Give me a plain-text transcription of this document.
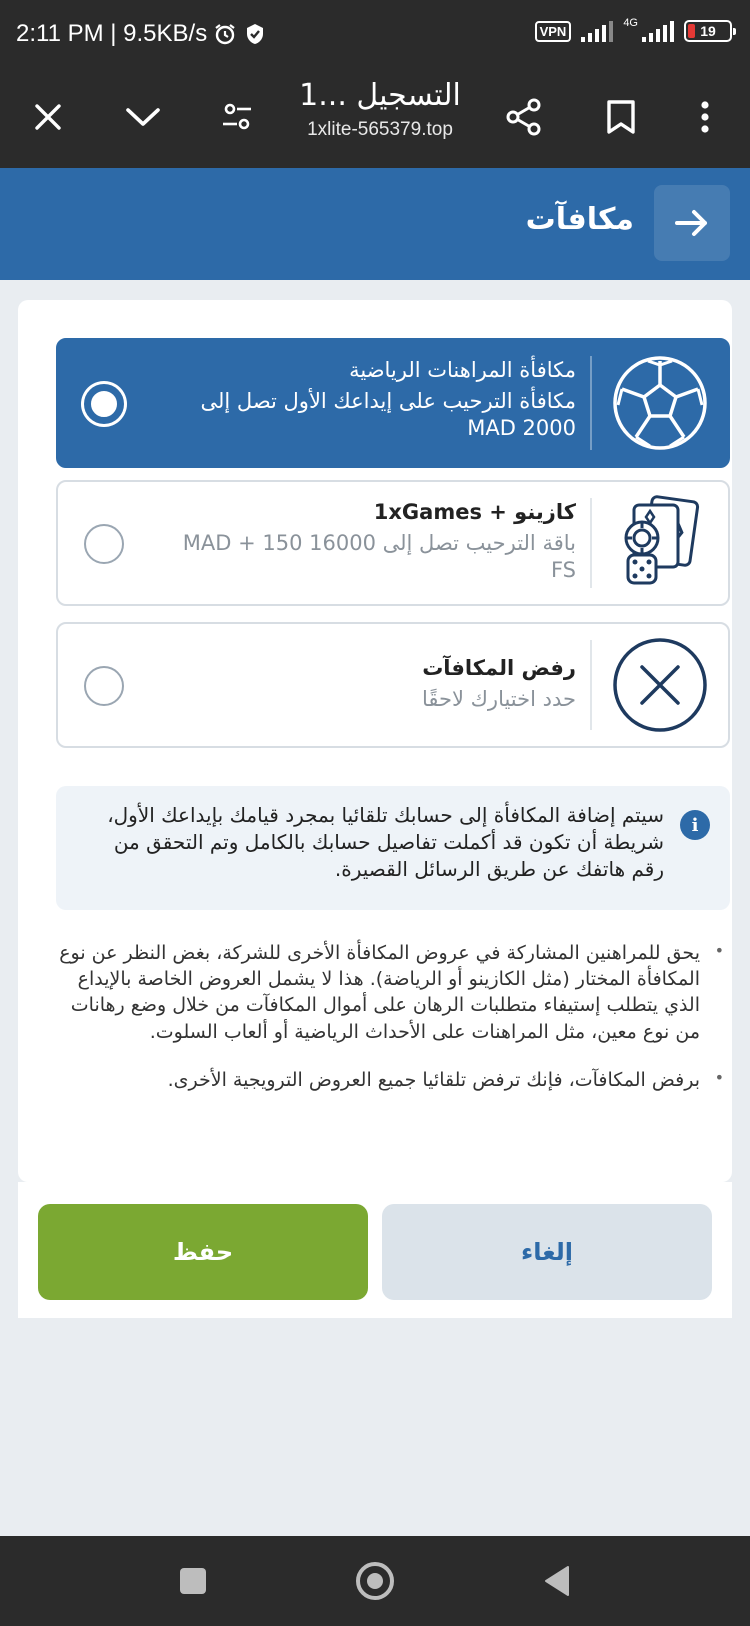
2:11 PM | 9.5KB/s	VPN
4G	19
التسجيل ...1
1xlite-565379.top
مكافآت
مكافأة المراهنات الرياضية
مكافأة الترحيب على إيداعك الأول تصل إلى MAD 2000
كازينو + 1xGames
باقة الترحيب تصل إلى MAD + 150 16000 FS
رفض المكافآت
حدد اختيارك لاحقًا
i
سيتم إضافة المكافأة إلى حسابك تلقائيا بمجرد قيامك بإيداعك الأول، شريطة أن تكون قد أكملت تفاصيل حسابك بالكامل وتم التحقق من رقم هاتفك عن طريق الرسائل القصيرة.
• يحق للمراهنين المشاركة في عروض المكافأة الأخرى للشركة، بغض النظر عن نوع المكافأة المختار (مثل الكازينو أو الرياضة). هذا لا يشمل العروض الخاصة بالإيداع الذي يتطلب إستيفاء متطلبات الرهان على أموال المكافآت من خلال وضع رهانات من نوع معين، مثل المراهنات على الأحداث الرياضية أو ألعاب السلوت.
• برفض المكافآت، فإنك ترفض تلقائيا جميع العروض الترويجية الأخرى.
حفظ	إلغاء
